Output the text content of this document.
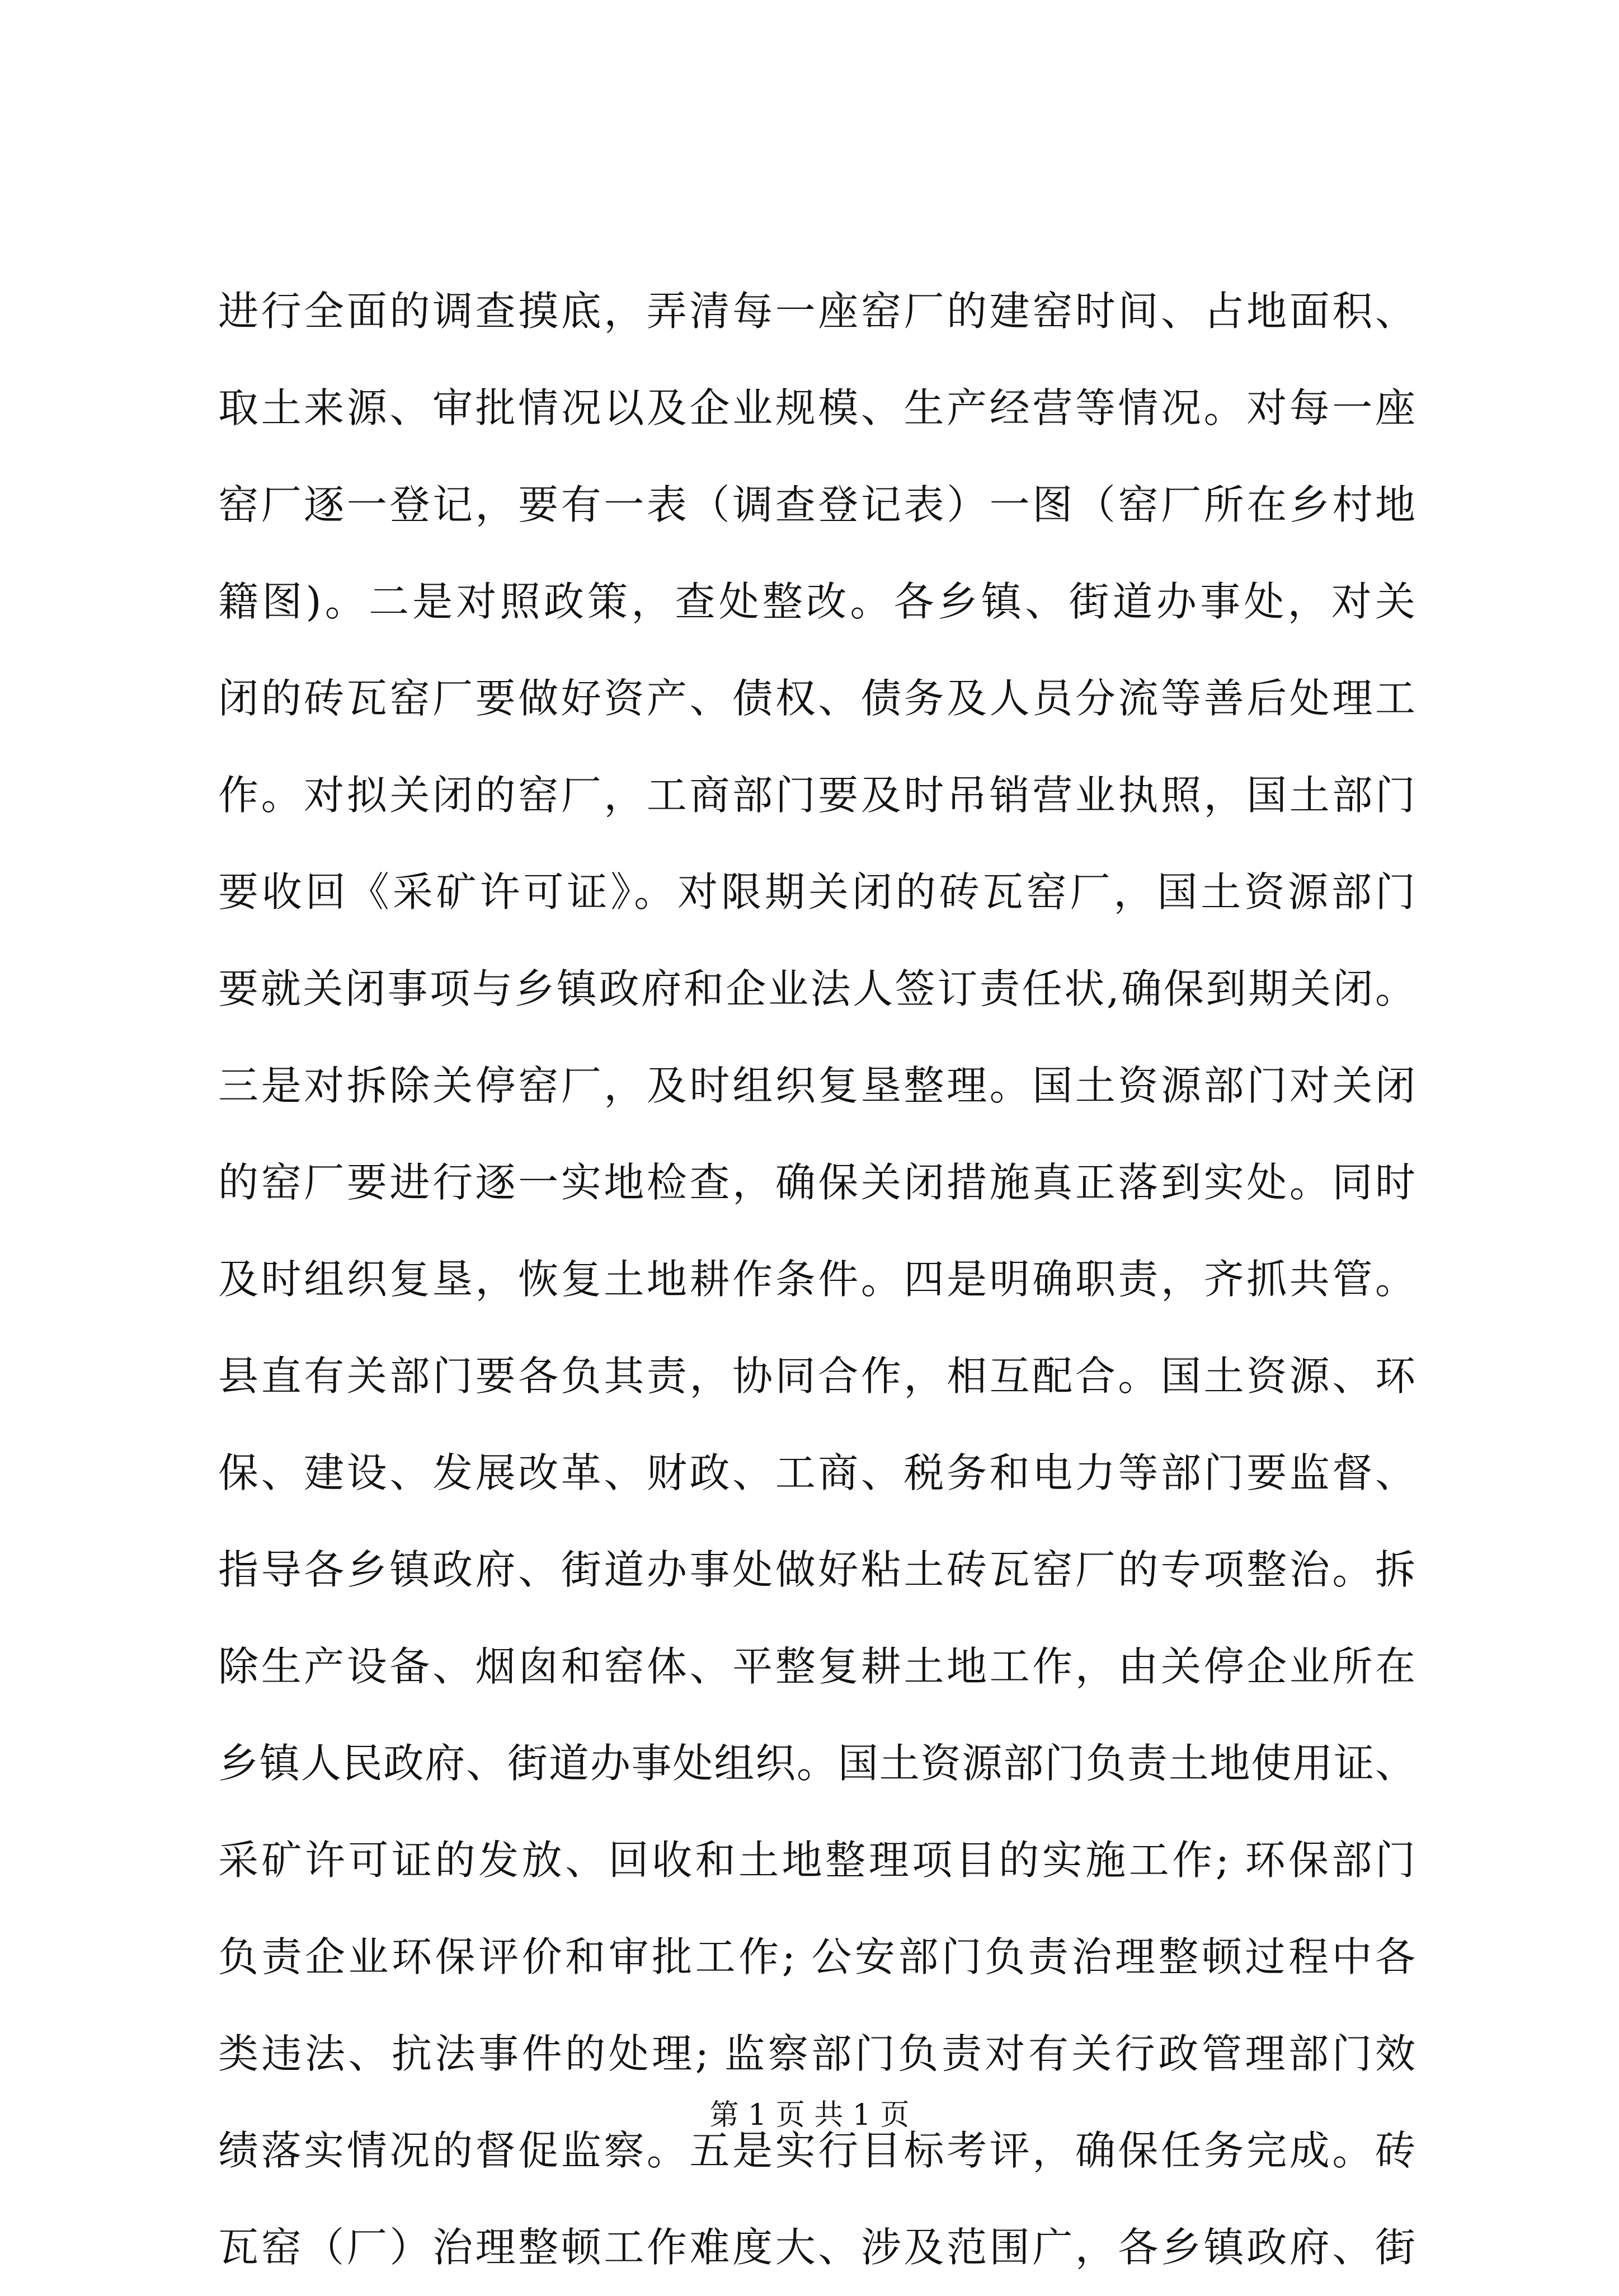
进行全面的调查摸底，弄清每一座窑厂的建窑时间、占地面积、
取土来源、审批情况以及企业规模、生产经营等情况。对每一座
窑厂逐一登记，要有一表（调查登记表）一图（窑厂所在乡村地
籍图)。二是对照政策，查处整改。各乡镇、街道办事处，对关
闭的砖瓦窑厂要做好资产、债权、债务及人员分流等善后处理工
作。对拟关闭的窑厂，工商部门要及时吊销营业执照，国土部门
要收回《采矿许可证》。对限期关闭的砖瓦窑厂，国土资源部门
要就关闭事项与乡镇政府和企业法人签订责任状,确保到期关闭。
三是对拆除关停窑厂，及时组织复垦整理。国土资源部门对关闭
的窑厂要进行逐一实地检查，确保关闭措施真正落到实处。同时
及时组织复垦，恢复土地耕作条件。四是明确职责，齐抓共管。
县直有关部门要各负其责，协同合作，相互配合。国土资源、环
保、建设、发展改革、财政、工商、税务和电力等部门要监督、
指导各乡镇政府、街道办事处做好粘土砖瓦窑厂的专项整治。拆
除生产设备、烟囱和窑体、平整复耕土地工作，由关停企业所在
乡镇人民政府、街道办事处组织。国土资源部门负责土地使用证、
采矿许可证的发放、回收和土地整理项目的实施工作; 环保部门
负责企业环保评价和审批工作; 公安部门负责治理整顿过程中各
类违法、抗法事件的处理; 监察部门负责对有关行政管理部门效
绩落实情况的督促监察。五是实行目标考评，确保任务完成。砖
瓦窑（厂）治理整顿工作难度大、涉及范围广，各乡镇政府、街
第 1 页 共 1 页
